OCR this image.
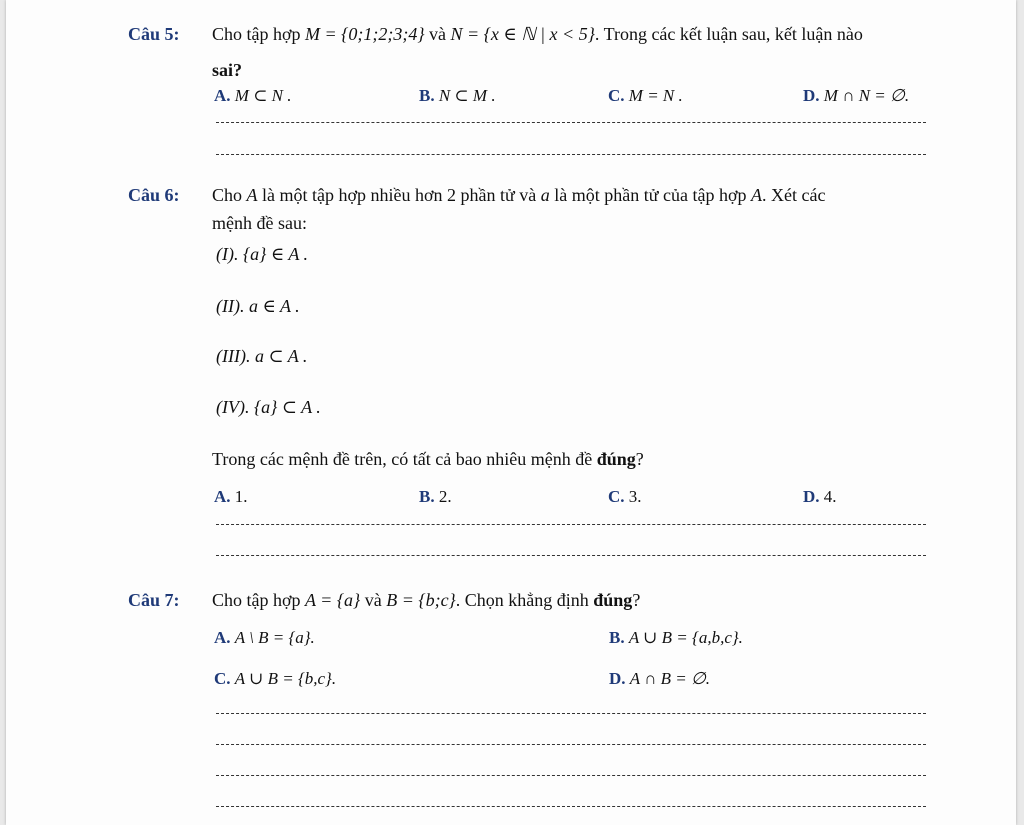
Câu 5: Cho tập hợp M = {0;1;2;3;4} và N = {x ∈ ℕ | x < 5}. Trong các kết luận sau, kết luận nào
sai?
A. M ⊂ N .	B. N ⊂ M .	C. M = N .	D. M ∩ N = ∅.
Câu 6: Cho A là một tập hợp nhiều hơn 2 phần tử và a là một phần tử của tập hợp A. Xét các
mệnh đề sau:
(I). {a} ∈ A .
(II). a ∈ A .
(III). a ⊂ A .
(IV). {a} ⊂ A .
Trong các mệnh đề trên, có tất cả bao nhiêu mệnh đề đúng?
A. 1.	B. 2.	C. 3.	D. 4.
Câu 7: Cho tập hợp A = {a} và B = {b;c}. Chọn khẳng định đúng?
A. A \ B = {a}.	B. A ∪ B = {a,b,c}.
C. A ∪ B = {b,c}.	D. A ∩ B = ∅.
